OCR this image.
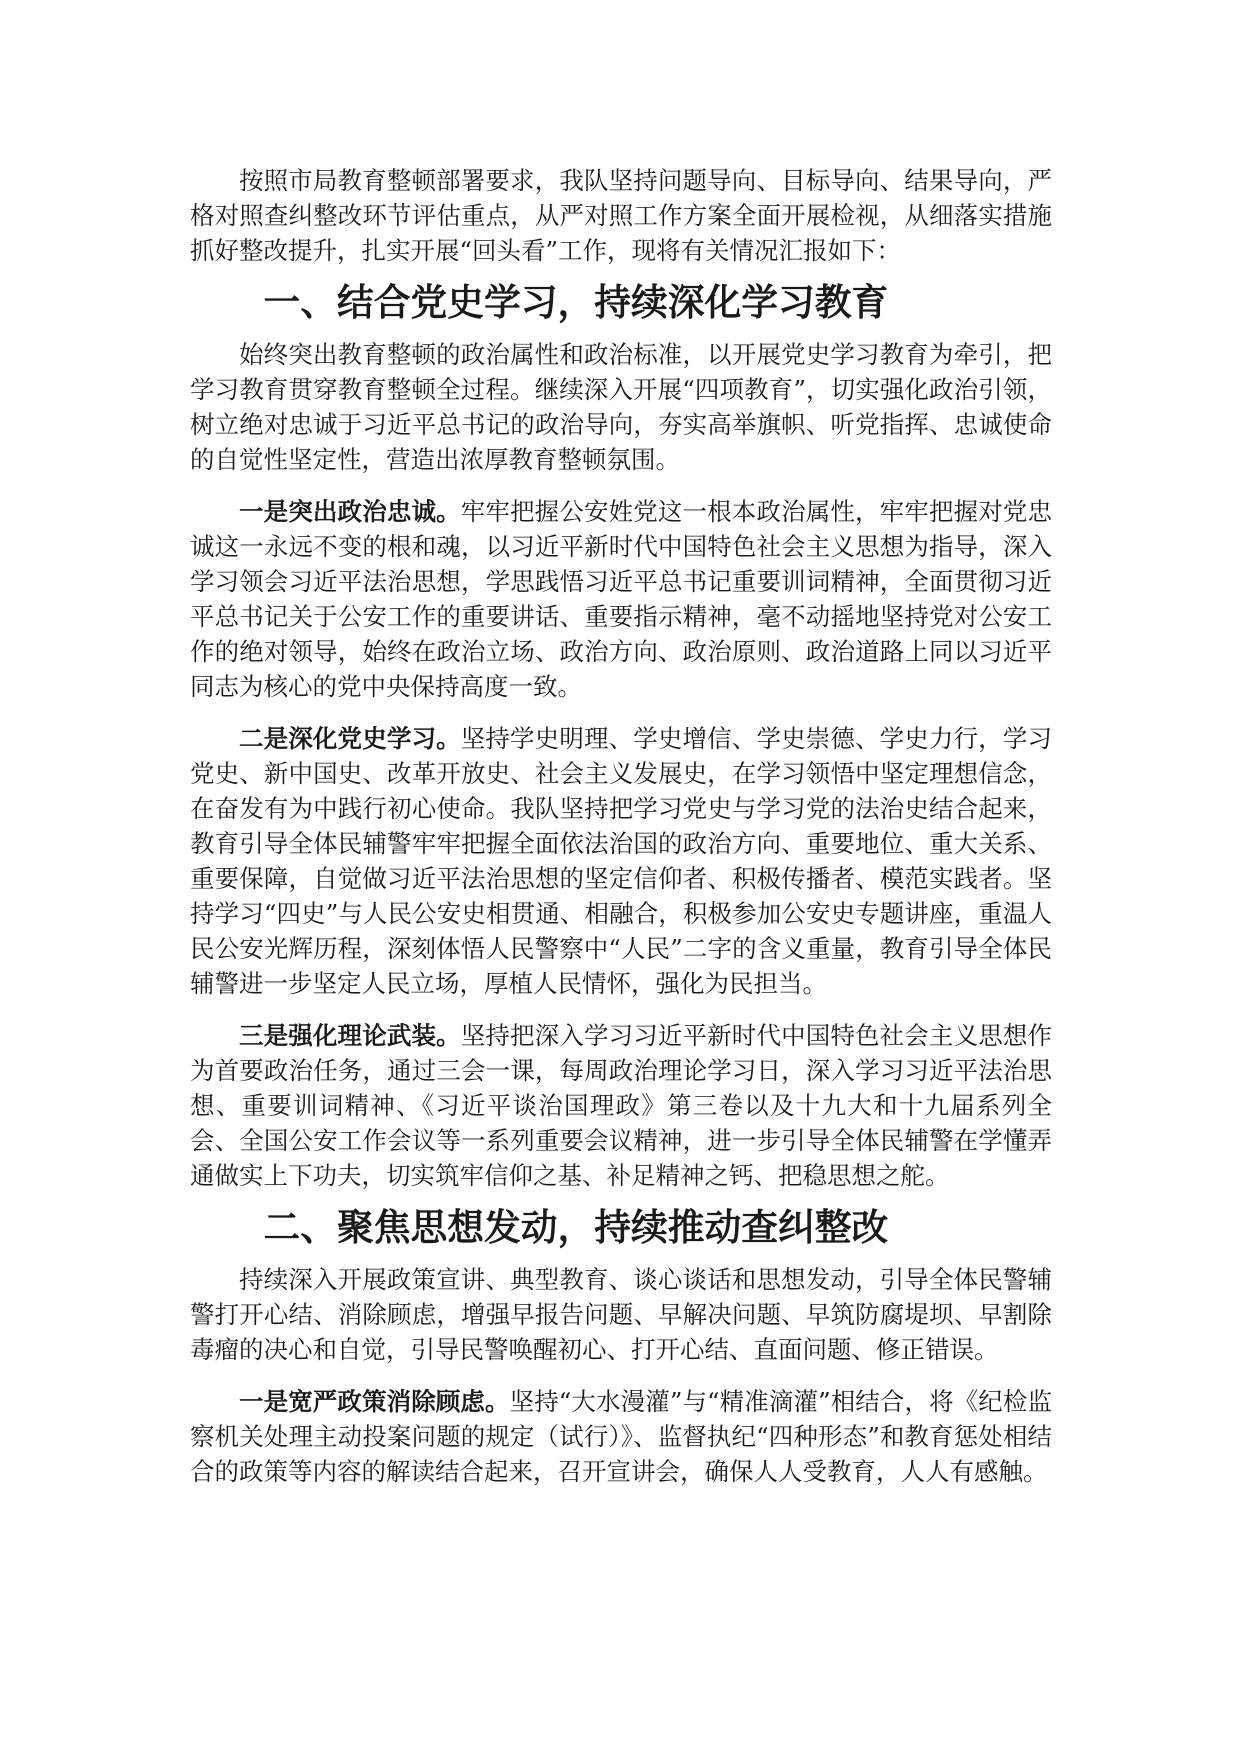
按照市局教育整顿部署要求，我队坚持问题导向、目标导向、结果导向，严格对照查纠整改环节评估重点，从严对照工作方案全面开展检视，从细落实措施抓好整改提升，扎实开展“回头看”工作，现将有关情况汇报如下：

一、结合党史学习，持续深化学习教育

始终突出教育整顿的政治属性和政治标准，以开展党史学习教育为牵引，把学习教育贯穿教育整顿全过程。继续深入开展“四项教育”，切实强化政治引领，树立绝对忠诚于习近平总书记的政治导向，夯实高举旗帜、听党指挥、忠诚使命的自觉性坚定性，营造出浓厚教育整顿氛围。

一是突出政治忠诚。牢牢把握公安姓党这一根本政治属性，牢牢把握对党忠诚这一永远不变的根和魂，以习近平新时代中国特色社会主义思想为指导，深入学习领会习近平法治思想，学思践悟习近平总书记重要训词精神，全面贯彻习近平总书记关于公安工作的重要讲话、重要指示精神，毫不动摇地坚持党对公安工作的绝对领导，始终在政治立场、政治方向、政治原则、政治道路上同以习近平同志为核心的党中央保持高度一致。

二是深化党史学习。坚持学史明理、学史增信、学史崇德、学史力行，学习党史、新中国史、改革开放史、社会主义发展史，在学习领悟中坚定理想信念，在奋发有为中践行初心使命。我队坚持把学习党史与学习党的法治史结合起来，教育引导全体民辅警牢牢把握全面依法治国的政治方向、重要地位、重大关系、重要保障，自觉做习近平法治思想的坚定信仰者、积极传播者、模范实践者。坚持学习“四史”与人民公安史相贯通、相融合，积极参加公安史专题讲座，重温人民公安光辉历程，深刻体悟人民警察中“人民”二字的含义重量，教育引导全体民辅警进一步坚定人民立场，厚植人民情怀，强化为民担当。

三是强化理论武装。坚持把深入学习习近平新时代中国特色社会主义思想作为首要政治任务，通过三会一课，每周政治理论学习日，深入学习习近平法治思想、重要训词精神、《习近平谈治国理政》第三卷以及十九大和十九届系列全会、全国公安工作会议等一系列重要会议精神，进一步引导全体民辅警在学懂弄通做实上下功夫，切实筑牢信仰之基、补足精神之钙、把稳思想之舵。

二、聚焦思想发动，持续推动查纠整改

持续深入开展政策宣讲、典型教育、谈心谈话和思想发动，引导全体民警辅警打开心结、消除顾虑，增强早报告问题、早解决问题、早筑防腐堤坝、早割除毒瘤的决心和自觉，引导民警唤醒初心、打开心结、直面问题、修正错误。

一是宽严政策消除顾虑。坚持“大水漫灌”与“精准滴灌”相结合，将《纪检监察机关处理主动投案问题的规定（试行）》、监督执纪“四种形态”和教育惩处相结合的政策等内容的解读结合起来，召开宣讲会，确保人人受教育，人人有感触。
